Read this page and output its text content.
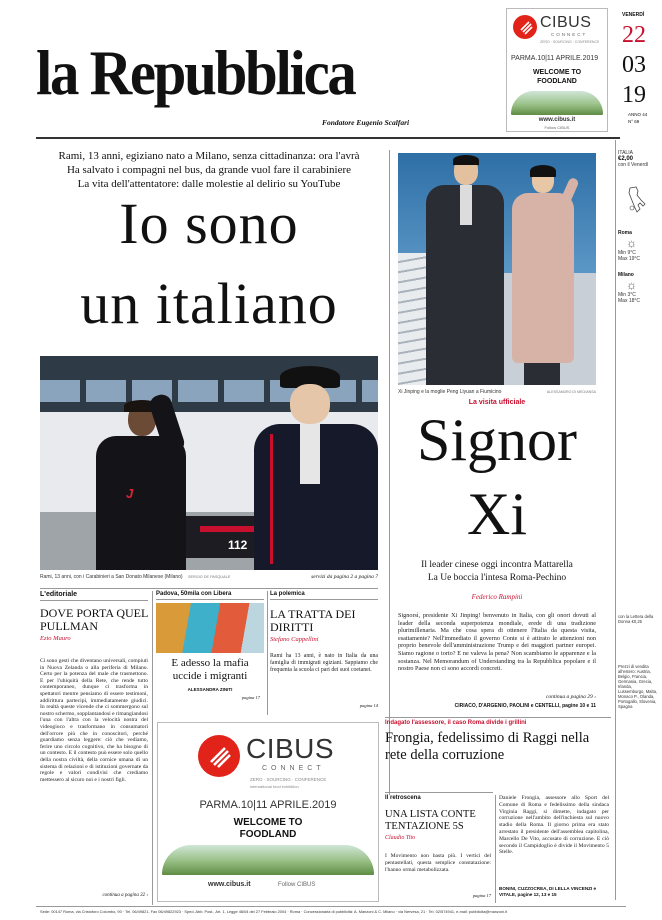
la Repubblica
Fondatore Eugenio Scalfari
CIBUS
CONNECT
ZERO · SOURCING · CONFERENCE
PARMA.10|11 APRILE.2019
WELCOME TO
FOODLAND
www.cibus.it
Follow CIBUS
VENERDÌ
22
03
19
ANNO 44
N° 69
ITALIA
€2,00
con il Venerdì
Roma
☼
Min 9°C
Max 19°C
Milano
☼
Min 3°C
Max 18°C
con la Lettera della Donna €0,25
Prezzi di vendita all'estero: Austria, Belgio, Francia, Germania, Grecia, Irlanda, Lussemburgo, Malta, Monaco P., Olanda, Portogallo, Slovenia, Spagna
Rami, 13 anni, egiziano nato a Milano, senza cittadinanza: ora l'avrà
Ha salvato i compagni nel bus, da grande vuol fare il carabiniere
La vita dell'attentatore: dalle molestie al delirio su YouTube
Io sono
un italiano
112
J
Rami, 13 anni, con i Carabinieri a San Donato Milanese (Milano) SERGIO DE PASQUALE	servizi da pagina 2 a pagina 7
Xi Jinping e la moglie Peng Liyuan a Fiumicino	ALESSANDRO DI MEO/ANSA
La visita ufficiale
Signor
Xi
Il leader cinese oggi incontra Mattarella
La Ue boccia l'intesa Roma-Pechino
Federico Rampini
Signorsì, presidente Xi Jinping! benvenuto in Italia, con gli onori dovuti al leader della seconda superpotenza mondiale, erede di una tradizione plurimillenaria. Ma che cosa spera di ottenere l'Italia da questa visita, esattamente? Nell'immediato il governo Conte si è attirato le attenzioni non proprio benevole dell'amministrazione Trump e dei maggiori partner europei. Siamo ragione o torto? E ne valeva la pena? Non scambiamo le apparenze e la sostanza. Nel Memorandum of Understanding tra la Repubblica popolare e il nostro Paese non ci sono accordi concreti.
continua a pagina 29 ›
CIRIACO, D'ARGENIO, PAOLINI e CENTELLI, pagine 10 e 11
L'editoriale
DOVE PORTA QUEL PULLMAN
Ezio Mauro
Ci sono gesti che diventano universali, compiuti in Nuova Zelanda o alla periferia di Milano. Certo per la potenza del male che trasmettono. E per l'ubiquità della Rete, che rende tutto contemporaneo, dunque ci trasforma in spettatori mentre pensiamo di essere testimoni, addirittura partecipi, immediatamente giudici. In realtà queste vicende che ci sommergono sul nostro schermo, sopplantandosi e rimangiandosi l'una con l'altra con la velocità nostra del videogioco e trasformano in consumatori dell'orrore più che in conoscitori, perché guardiamo senza leggere: ciò che vediamo, ferire uno circolo cognitivo, che ha bisogno di un contesto. E il contesto può essere solo quello della nostra civiltà, della cornice umana di un sistema di relazioni e di istituzioni governate da regole e valori condivisi che crediamo mettessero al sicuro noi e i nostri figli.
continua a pagina 32 ›
Padova, 50mila con Libera
E adesso la mafia uccide i migranti
ALESSANDRA ZINITI
pagina 17
La polemica
LA TRATTA DEI DIRITTI
Stefano Cappellini
Rami ha 13 anni, è nato in Italia da una famiglia di immigrati egiziani. Sappiamo che frequenta la scuola ci pari dei suoi coetanei.
pagina 14
CIBUS
CONNECT
ZERO · SOURCING · CONFERENCE
international food exhibition
PARMA.10|11 APRILE.2019
WELCOME TO
FOODLAND
www.cibus.it	Follow CIBUS
Indagato l'assessore, il caso Roma divide i grillini
Frongia, fedelissimo di Raggi nella rete della corruzione
Il retroscena
UNA LISTA CONTE TENTAZIONE 5S
Claudio Tito
I Movimento non basta più. I vertici del pentastellati, questa semplice constatazione: l'hanno ormai metabolizzata.
pagina 17
Daniele Frongia, assessore allo Sport del Comune di Roma e fedelissimo della sindaca Virginia Raggi, si dimette, indagato per corruzione nell'ambito dell'inchiesta sul nuovo stadio della Roma. Il giorno prima era stato arrestato il presidente dell'assemblea capitolina, Marcello De Vito, accusato di corruzione. E ciò secondo il Campidoglio è divide il Movimento 5 Stelle.
BONINI, CUZZOCREA, DI LELLA VINCENZI e VITALE, pagine 12, 13 e 15
Sede: 00147 Roma, via Cristoforo Colombo, 90 · Tel. 06/49821, Fax 06/49822923 · Sped. Abb. Post., Art. 1, Legge 46/04 del 27 Febbraio 2004 · Roma · Concessionaria di pubblicità: A. Manzoni & C. Milano · via Nervesa, 21 · Tel. 02/574941, e-mail: pubblicita@manzoni.it
